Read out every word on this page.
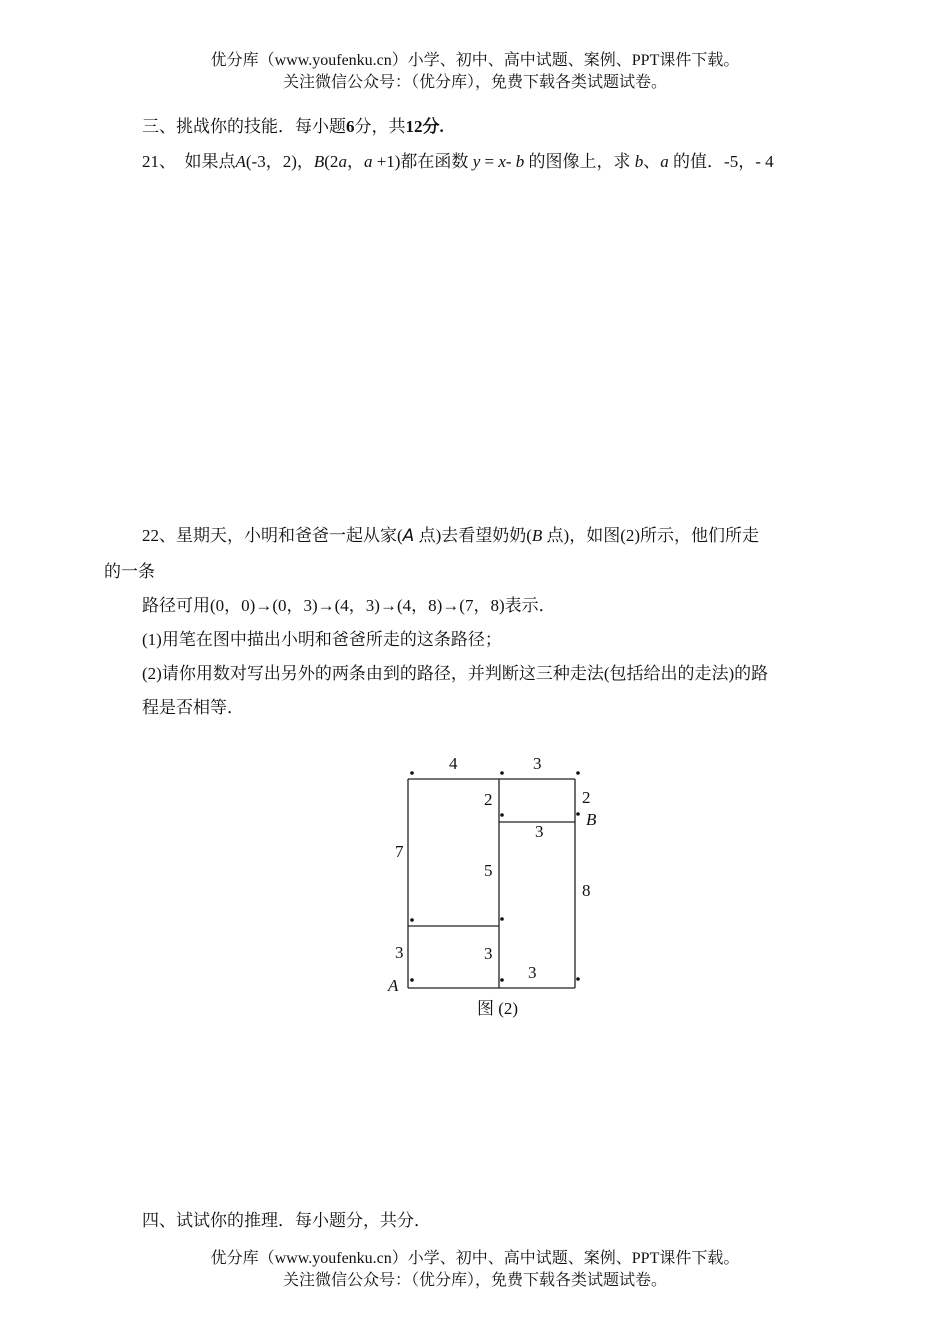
优分库（www.youfenku.cn）小学、初中、高中试题、案例、PPT课件下载。
关注微信公众号：（优分库），免费下载各类试题试卷。
三、挑战你的技能．每小题6分，共12分.
21、 如果点A(-3，2)，B(2a，a +1)都在函数 y = x- b 的图像上，求 b、a 的值．-5，- 4
22、星期天，小明和爸爸一起从家(A 点)去看望奶奶(B 点)，如图(2)所示，他们所走
的一条
路径可用(0，0)→(0，3)→(4，3)→(4，8)→(7，8)表示．
(1)用笔在图中描出小明和爸爸所走的这条路径；
(2)请你用数对写出另外的两条由到的路径，并判断这三种走法(包括给出的走法)的路
程是否相等．
4	3
2	2
B
3
7
5
8
3	3
3
A
图 (2)
四、试试你的推理．每小题分，共分．
优分库（www.youfenku.cn）小学、初中、高中试题、案例、PPT课件下载。
关注微信公众号：（优分库），免费下载各类试题试卷。
